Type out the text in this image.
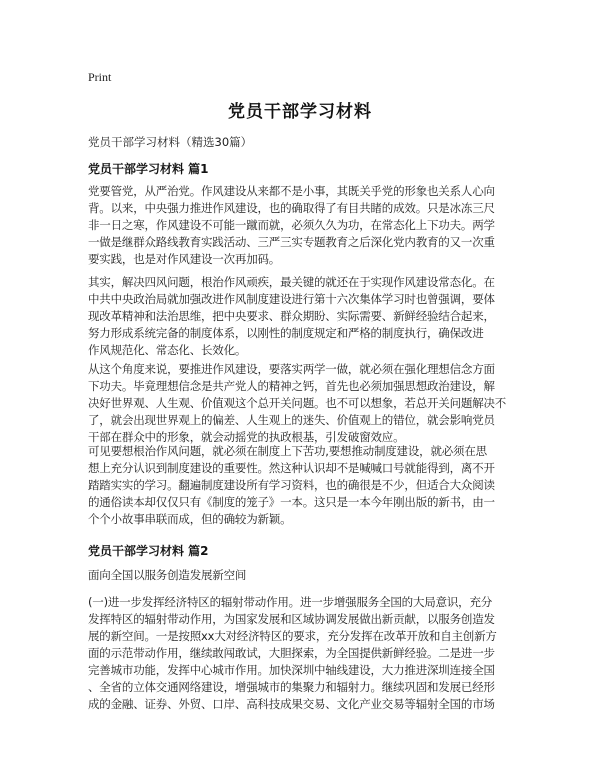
Print
党员干部学习材料
党员干部学习材料（精选30篇）
党员干部学习材料 篇1
党要管党，从严治党。作风建设从来都不是小事，其既关乎党的形象也关系人心向
背。以来，中央强力推进作风建设，也的确取得了有目共睹的成效。只是冰冻三尺
非一日之寒，作风建设不可能一蹴而就，必须久久为功，在常态化上下功夫。两学
一做是继群众路线教育实践活动、三严三实专题教育之后深化党内教育的又一次重
要实践，也是对作风建设一次再加码。
其实，解决四风问题，根治作风顽疾，最关键的就还在于实现作风建设常态化。在
中共中央政治局就加强改进作风制度建设进行第十六次集体学习时也曾强调，要体
现改革精神和法治思维，把中央要求、群众期盼、实际需要、新鲜经验结合起来，
努力形成系统完备的制度体系，以刚性的制度规定和严格的制度执行，确保改进
作风规范化、常态化、长效化。
从这个角度来说，要推进作风建设，要落实两学一做，就必须在强化理想信念方面
下功夫。毕竟理想信念是共产党人的精神之钙，首先也必须加强思想政治建设，解
决好世界观、人生观、价值观这个总开关问题。也不可以想象，若总开关问题解决不
了，就会出现世界观上的偏差、人生观上的迷失、价值观上的错位，就会影响党员
干部在群众中的形象，就会动摇党的执政根基，引发破窗效应。
可见要想根治作风问题，就必须在制度上下苦功,要想推动制度建设，就必须在思
想上充分认识到制度建设的重要性。然这种认识却不是喊喊口号就能得到，离不开
踏踏实实的学习。翻遍制度建设所有学习资料，也的确很是不少，但适合大众阅读
的通俗读本却仅仅只有《制度的笼子》一本。这只是一本今年刚出版的新书，由一
个个小故事串联而成，但的确较为新颖。
党员干部学习材料 篇2
面向全国以服务创造发展新空间
(一)进一步发挥经济特区的辐射带动作用。进一步增强服务全国的大局意识，充分
发挥特区的辐射带动作用，为国家发展和区域协调发展做出新贡献，以服务创造发
展的新空间。一是按照xx大对经济特区的要求，充分发挥在改革开放和自主创新方
面的示范带动作用，继续敢闯敢试，大胆探索，为全国提供新鲜经验。二是进一步
完善城市功能，发挥中心城市作用。加快深圳中轴线建设，大力推进深圳连接全国
、全省的立体交通网络建设，增强城市的集聚力和辐射力。继续巩固和发展已经形
成的金融、证券、外贸、口岸、高科技成果交易、文化产业交易等辐射全国的市场
